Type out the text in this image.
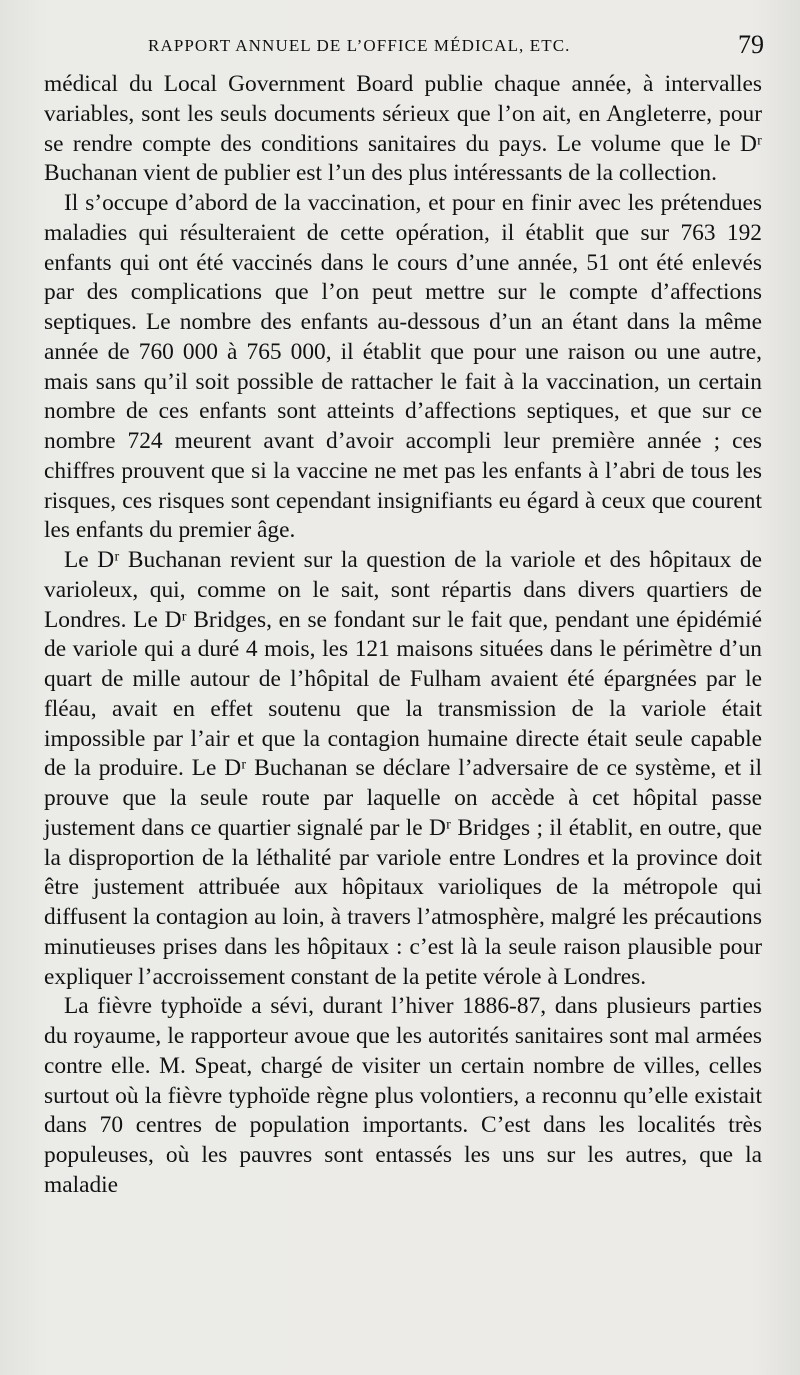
RAPPORT ANNUEL DE L’OFFICE MÉDICAL, ETC.	79

médical du Local Government Board publie chaque année, à intervalles variables, sont les seuls documents sérieux que l’on ait, en Angleterre, pour se rendre compte des conditions sanitaires du pays. Le volume que le Dʳ Buchanan vient de publier est l’un des plus intéressants de la collection.

Il s’occupe d’abord de la vaccination, et pour en finir avec les prétendues maladies qui résulteraient de cette opération, il établit que sur 763 192 enfants qui ont été vaccinés dans le cours d’une année, 51 ont été enlevés par des complications que l’on peut mettre sur le compte d’affections septiques. Le nombre des enfants au-dessous d’un an étant dans la même année de 760 000 à 765 000, il établit que pour une raison ou une autre, mais sans qu’il soit possible de rattacher le fait à la vaccination, un certain nombre de ces enfants sont atteints d’affections septiques, et que sur ce nombre 724 meurent avant d’avoir accompli leur première année ; ces chiffres prouvent que si la vaccine ne met pas les enfants à l’abri de tous les risques, ces risques sont cependant insignifiants eu égard à ceux que courent les enfants du premier âge.

Le Dʳ Buchanan revient sur la question de la variole et des hôpitaux de varioleux, qui, comme on le sait, sont répartis dans divers quartiers de Londres. Le Dʳ Bridges, en se fondant sur le fait que, pendant une épidémié de variole qui a duré 4 mois, les 121 maisons situées dans le périmètre d’un quart de mille autour de l’hôpital de Fulham avaient été épargnées par le fléau, avait en effet soutenu que la transmission de la variole était impossible par l’air et que la contagion humaine directe était seule capable de la produire. Le Dʳ Buchanan se déclare l’adversaire de ce système, et il prouve que la seule route par laquelle on accède à cet hôpital passe justement dans ce quartier signalé par le Dʳ Bridges ; il établit, en outre, que la disproportion de la léthalité par variole entre Londres et la province doit être justement attribuée aux hôpitaux varioliques de la métropole qui diffusent la contagion au loin, à travers l’atmosphère, malgré les précautions minutieuses prises dans les hôpitaux : c’est là la seule raison plausible pour expliquer l’accroissement constant de la petite vérole à Londres.

La fièvre typhoïde a sévi, durant l’hiver 1886-87, dans plusieurs parties du royaume, le rapporteur avoue que les autorités sanitaires sont mal armées contre elle. M. Speat, chargé de visiter un certain nombre de villes, celles surtout où la fièvre typhoïde règne plus volontiers, a reconnu qu’elle existait dans 70 centres de population importants. C’est dans les localités très populeuses, où les pauvres sont entassés les uns sur les autres, que la maladie
